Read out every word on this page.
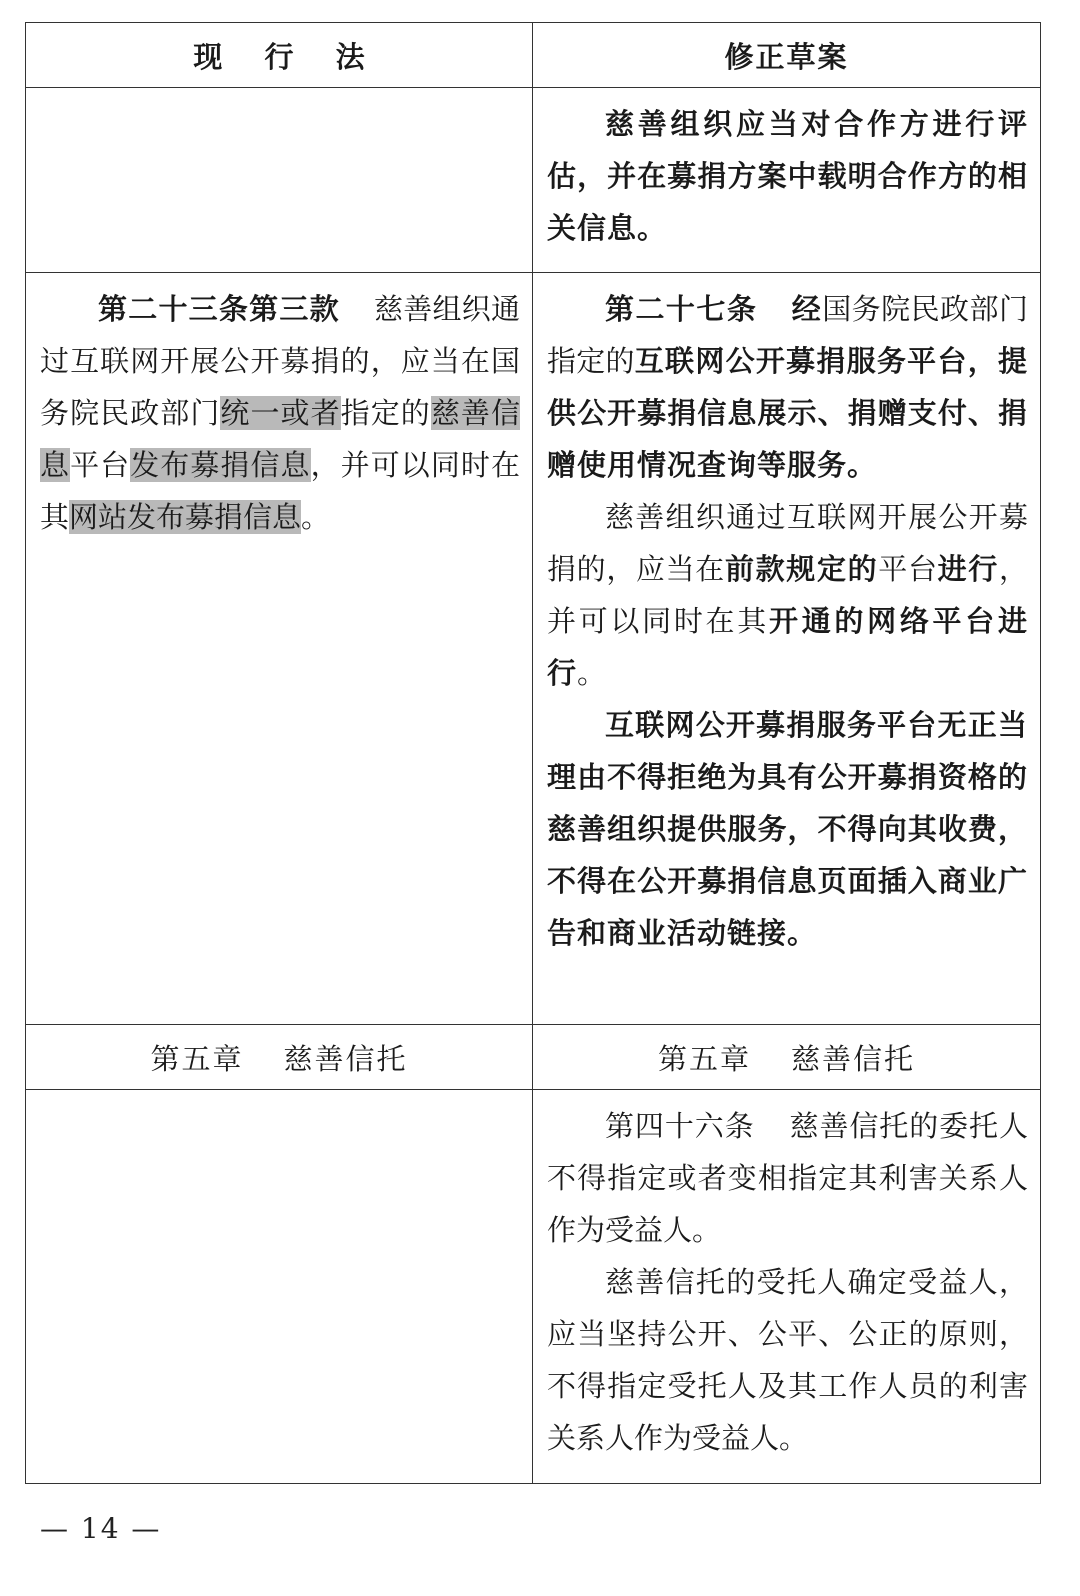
现 行 法	修正草案

	慈善组织应当对合作方进行评估，并在募捐方案中载明合作方的相关信息。

第二十三条第三款 慈善组织通过互联网开展公开募捐的，应当在国务院民政部门统一或者指定的慈善信息平台发布募捐信息，并可以同时在其网站发布募捐信息。	第二十七条 经国务院民政部门指定的互联网公开募捐服务平台，提供公开募捐信息展示、捐赠支付、捐赠使用情况查询等服务。

慈善组织通过互联网开展公开募捐的，应当在前款规定的平台进行，并可以同时在其开通的网络平台进行。

互联网公开募捐服务平台无正当理由不得拒绝为具有公开募捐资格的慈善组织提供服务，不得向其收费，不得在公开募捐信息页面插入商业广告和商业活动链接。

第五章 慈善信托	第五章 慈善信托

	第四十六条 慈善信托的委托人不得指定或者变相指定其利害关系人作为受益人。

慈善信托的受托人确定受益人，应当坚持公开、公平、公正的原则，不得指定受托人及其工作人员的利害关系人作为受益人。

— 14 —
